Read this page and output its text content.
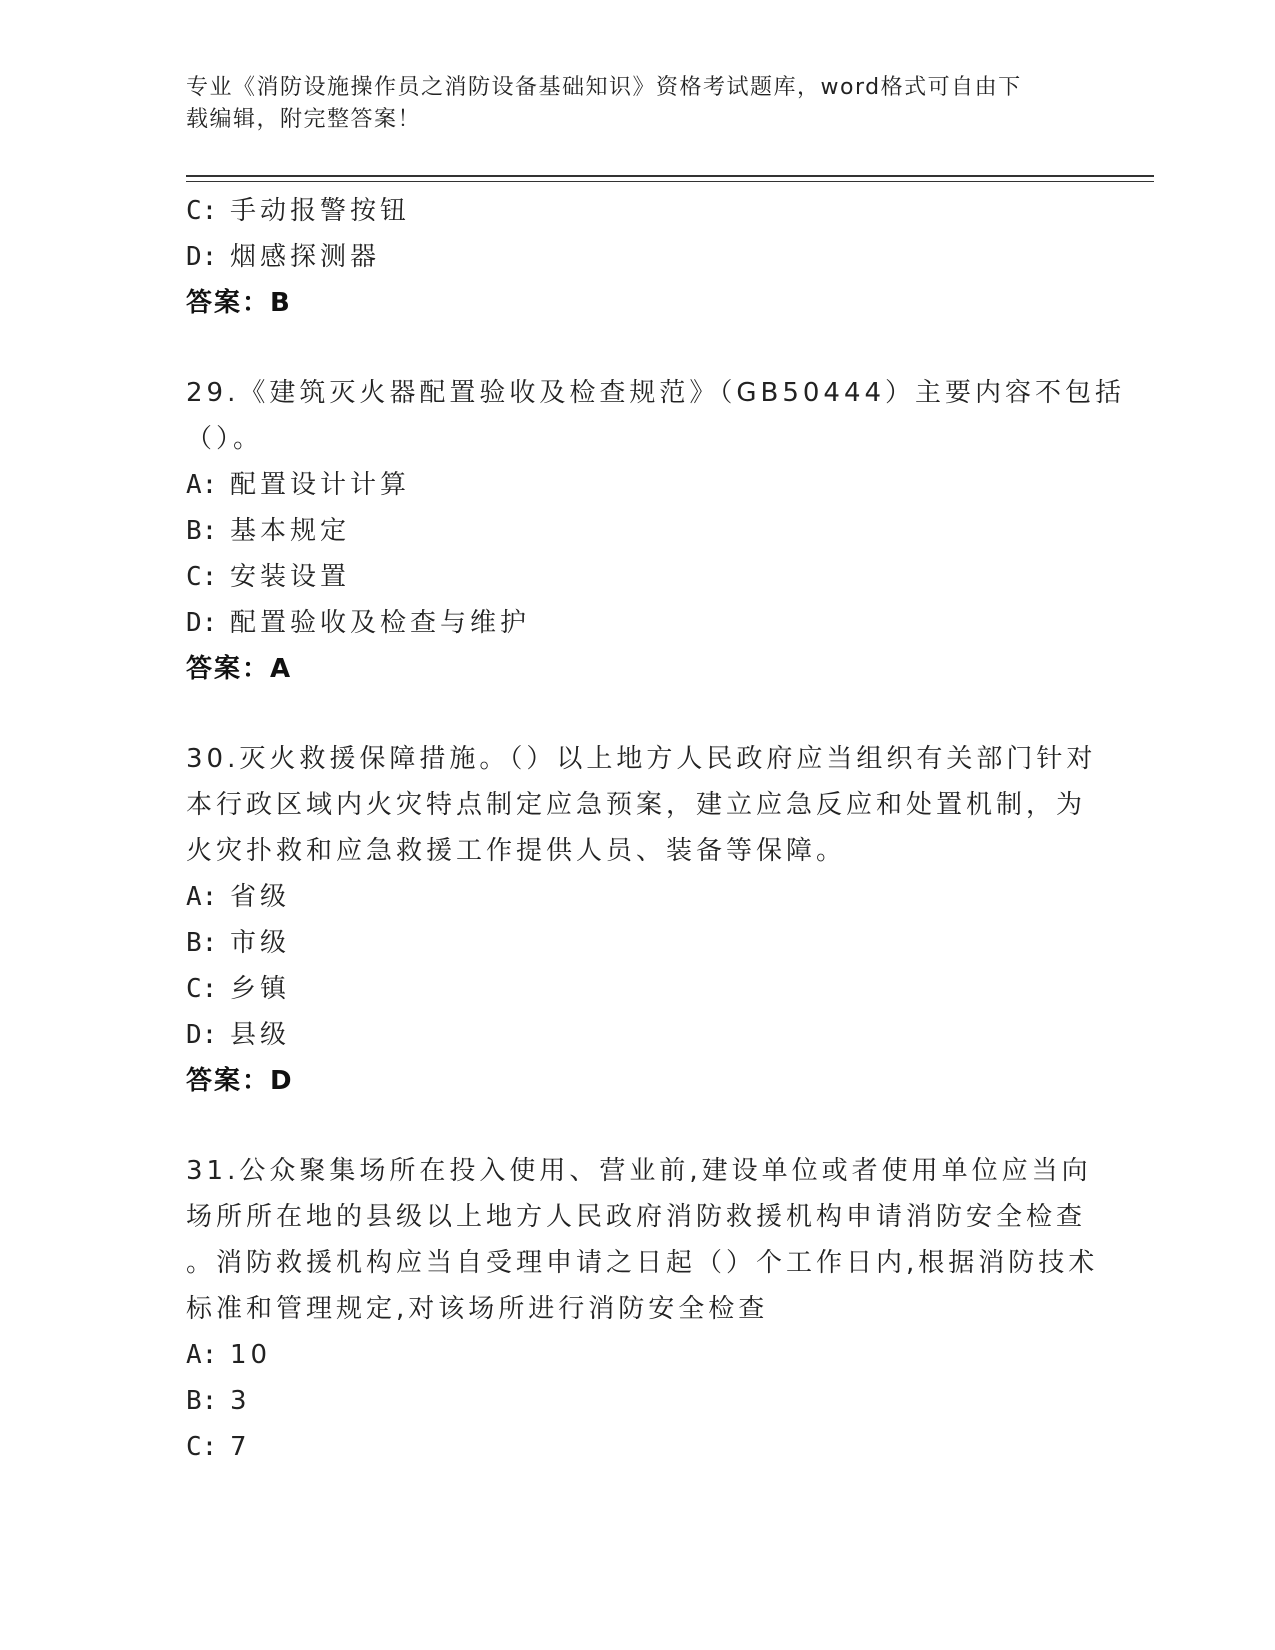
专业《消防设施操作员之消防设备基础知识》资格考试题库，word格式可自由下
载编辑，附完整答案！
C: 手动报警按钮
D: 烟感探测器
答案：B
29.《建筑灭火器配置验收及检查规范》（GB50444）主要内容不包括
（）。
A: 配置设计计算
B: 基本规定
C: 安装设置
D: 配置验收及检查与维护
答案：A
30.灭火救援保障措施。（）以上地方人民政府应当组织有关部门针对
本行政区域内火灾特点制定应急预案，建立应急反应和处置机制，为
火灾扑救和应急救援工作提供人员、装备等保障。
A: 省级
B: 市级
C: 乡镇
D: 县级
答案：D
31.公众聚集场所在投入使用、营业前,建设单位或者使用单位应当向
场所所在地的县级以上地方人民政府消防救援机构申请消防安全检查
。消防救援机构应当自受理申请之日起（）个工作日内,根据消防技术
标准和管理规定,对该场所进行消防安全检查
A: 10
B: 3
C: 7
